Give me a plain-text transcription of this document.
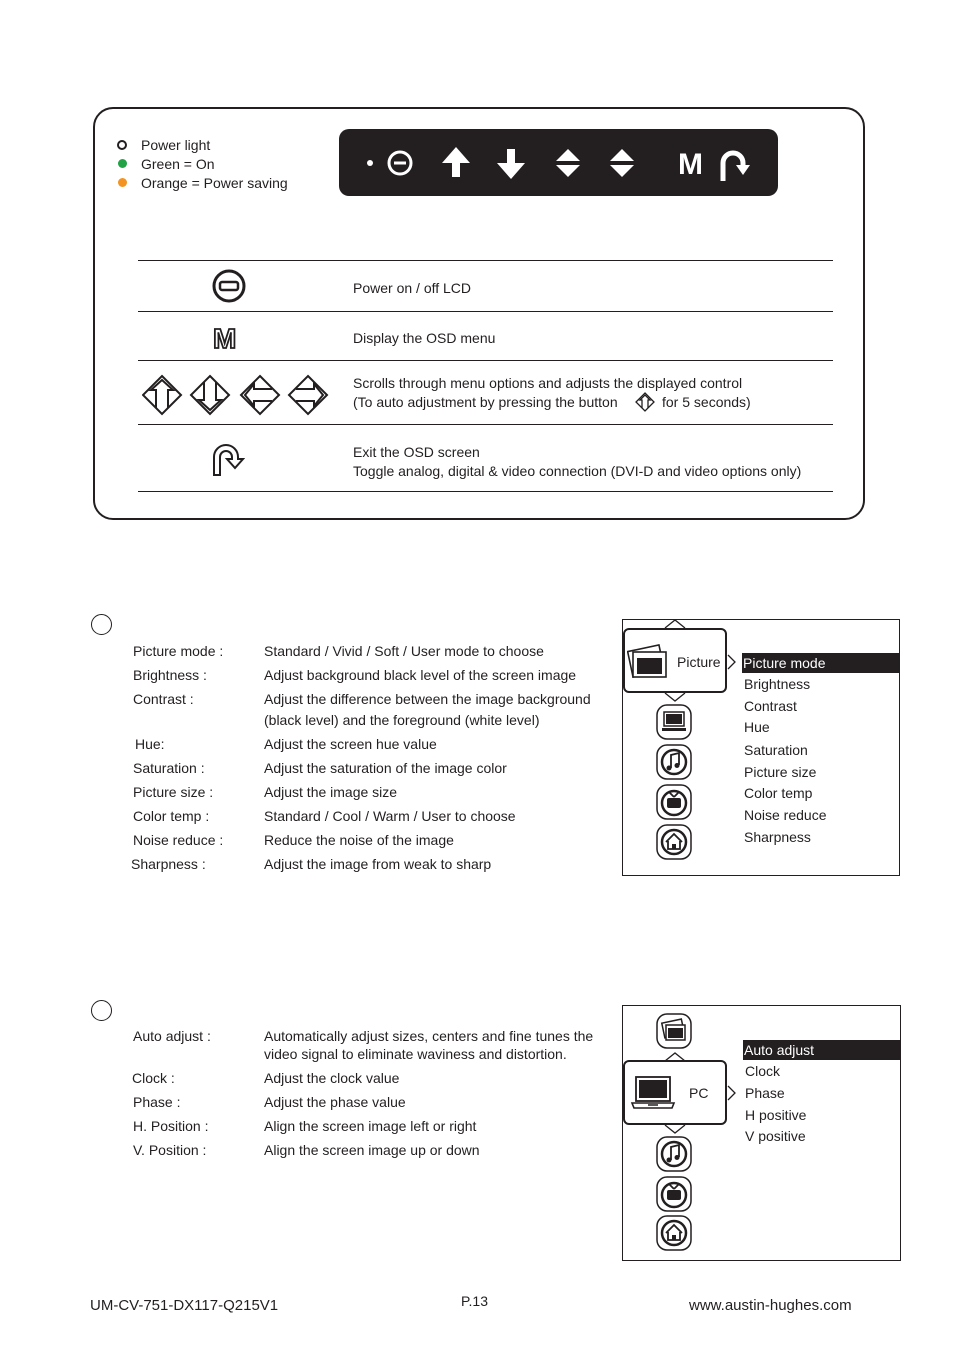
Power light
Green = On
Orange = Power saving
M
M
Power on / off LCD
Display the OSD menu
Scrolls through menu options and adjusts the displayed control
(To auto adjustment by pressing the button	for 5 seconds)
Exit the OSD screen
Toggle analog, digital & video connection (DVI-D and video options only)
Picture mode :	Standard / Vivid / Soft / User mode to choose
Brightness :	Adjust background black level of the screen image
Contrast :	Adjust the difference between the image background
(black level) and the foreground (white level)
Hue:	Adjust the screen hue value
Saturation :	Adjust the saturation of the image color
Picture size :	Adjust the image size
Color temp :	Standard / Cool / Warm / User to choose
Noise reduce :	Reduce the noise of the image
Sharpness :	Adjust the image from weak to sharp
Picture Picture mode
Brightness
Contrast
Hue
Saturation
Picture size
Color temp
Noise reduce
Sharpness
Auto adjust :	Automatically adjust sizes, centers and fine tunes the
video signal to eliminate waviness and distortion.
Clock :	Adjust the clock value
Phase :	Adjust the phase value
H. Position :	Align the screen image left or right
V. Position :	Align the screen image up or down
PC
Auto adjust
Clock
Phase
H positive
V positive
UM-CV-751-DX117-Q215V1	P.13	www.austin-hughes.com
